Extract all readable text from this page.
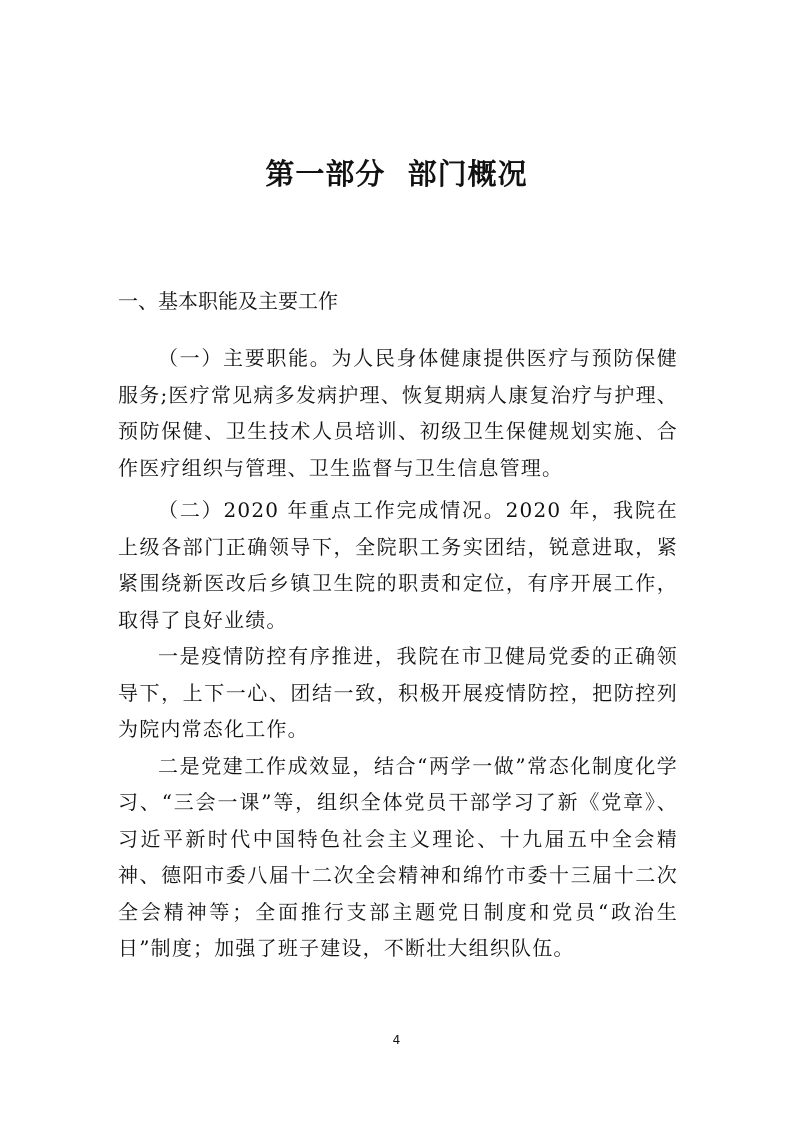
第一部分  部门概况
一、基本职能及主要工作

（一）主要职能。为人民身体健康提供医疗与预防保健服务;医疗常见病多发病护理、恢复期病人康复治疗与护理、预防保健、卫生技术人员培训、初级卫生保健规划实施、合作医疗组织与管理、卫生监督与卫生信息管理。

（二）2020 年重点工作完成情况。2020 年，我院在上级各部门正确领导下，全院职工务实团结，锐意进取，紧紧围绕新医改后乡镇卫生院的职责和定位，有序开展工作，取得了良好业绩。

一是疫情防控有序推进，我院在市卫健局党委的正确领导下，上下一心、团结一致，积极开展疫情防控，把防控列为院内常态化工作。

二是党建工作成效显，结合“两学一做”常态化制度化学习、“三会一课”等，组织全体党员干部学习了新《党章》、习近平新时代中国特色社会主义理论、十九届五中全会精神、德阳市委八届十二次全会精神和绵竹市委十三届十二次全会精神等；全面推行支部主题党日制度和党员“政治生日”制度；加强了班子建设，不断壮大组织队伍。

4
